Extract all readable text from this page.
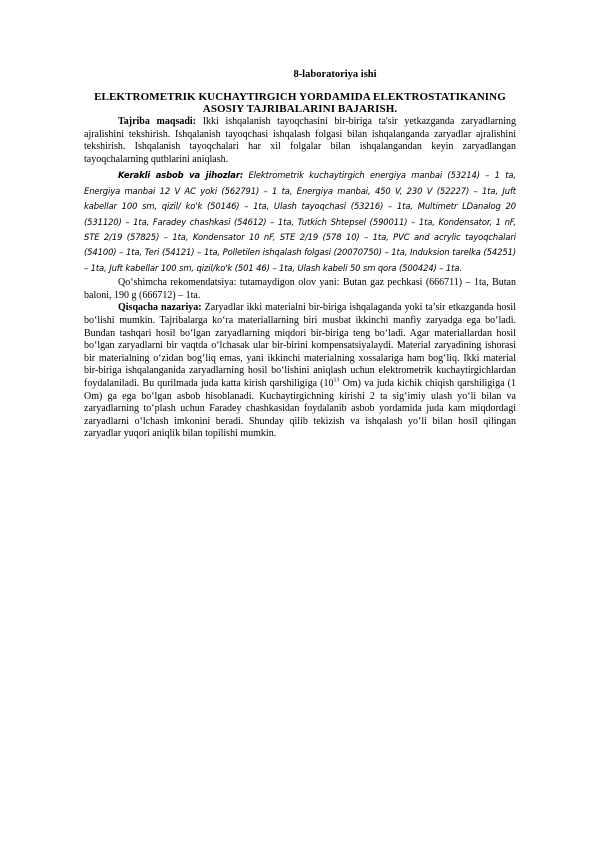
8-laboratoriya ishi
ELEKTROMETRIK KUCHAYTIRGICH YORDAMIDA ELEKTROSTATIKANING ASOSIY TAJRIBALARINI BAJARISH.

Tajriba maqsadi: Ikki ishqalanish tayoqchasini bir-biriga ta'sir yetkazganda zaryadlarning ajralishini tekshirish. Ishqalanish tayoqchasi ishqalash folgasi bilan ishqalanganda zaryadlar ajralishini tekshirish. Ishqalanish tayoqchalari har xil folgalar bilan ishqalangandan keyin zaryadlangan tayoqchalarning qutblarini aniqlash.

Kerakli asbob va jihozlar: Elektrometrik kuchaytirgich energiya manbai (53214) – 1 ta, Energiya manbai 12 V AC yoki (562791) – 1 ta, Energiya manbai, 450 V, 230 V (52227) – 1ta, Juft kabellar 100 sm, qizil/ ko'k (50146) – 1ta, Ulash tayoqchasi (53216) – 1ta, Multimetr LDanalog 20 (531120) – 1ta, Faradey chashkasi (54612) – 1ta, Tutkich Shtepsel (590011) – 1ta, Kondensator, 1 nF, STE 2/19 (57825) – 1ta, Kondensator 10 nF, STE 2/19 (578 10) – 1ta, PVC and acrylic tayoqchalari (54100) – 1ta, Teri (54121) – 1ta, Polletilen ishqalash folgasi (20070750) – 1ta, Induksion tarelka (54251) – 1ta, Juft kabellar 100 sm, qizil/ko'k (501 46) – 1ta, Ulash kabeli 50 sm qora (500424) – 1ta.

Qo‘shimcha rekomendatsiya: tutamaydigon olov yani: Butan gaz pechkasi (666711) – 1ta, Butan baloni, 190 g (666712) – 1ta.

Qisqacha nazariya: Zaryadlar ikki materialni bir-biriga ishqalaganda yoki ta’sir etkazganda hosil bo‘lishi mumkin. Tajribalarga ko‘ra materiallarning biri musbat ikkinchi manfiy zaryadga ega bo‘ladi. Bundan tashqari hosil bo‘lgan zaryadlarning miqdori bir-biriga teng bo‘ladi. Agar materiallardan hosil bo‘lgan zaryadlarni bir vaqtda o‘lchasak ular bir-birini kompensatsiyalaydi. Material zaryadining ishorasi bir materialning o‘zidan bog‘liq emas, yani ikkinchi materialning xossalariga ham bog‘liq. Ikki material bir-biriga ishqalanganida zaryadlarning hosil bo‘lishini aniqlash uchun elektrometrik kuchaytirgichlardan foydalaniladi. Bu qurilmada juda katta kirish qarshiligiga ($10^{13}$ Om) va juda kichik chiqish qarshiligiga (1 Om) ga ega bo‘lgan asbob hisoblanadi. Kuchaytirgichning kirishi 2 ta sig‘imiy ulash yo‘li bilan va zaryadlarning to‘plash uchun Faradey chashkasidan foydalanib asbob yordamida juda kam miqdordagi zaryadlarni o‘lchash imkonini beradi. Shunday qilib tekizish va ishqalash yo‘li bilan hosil qilingan zaryadlar yuqori aniqlik bilan topilishi mumkin.
